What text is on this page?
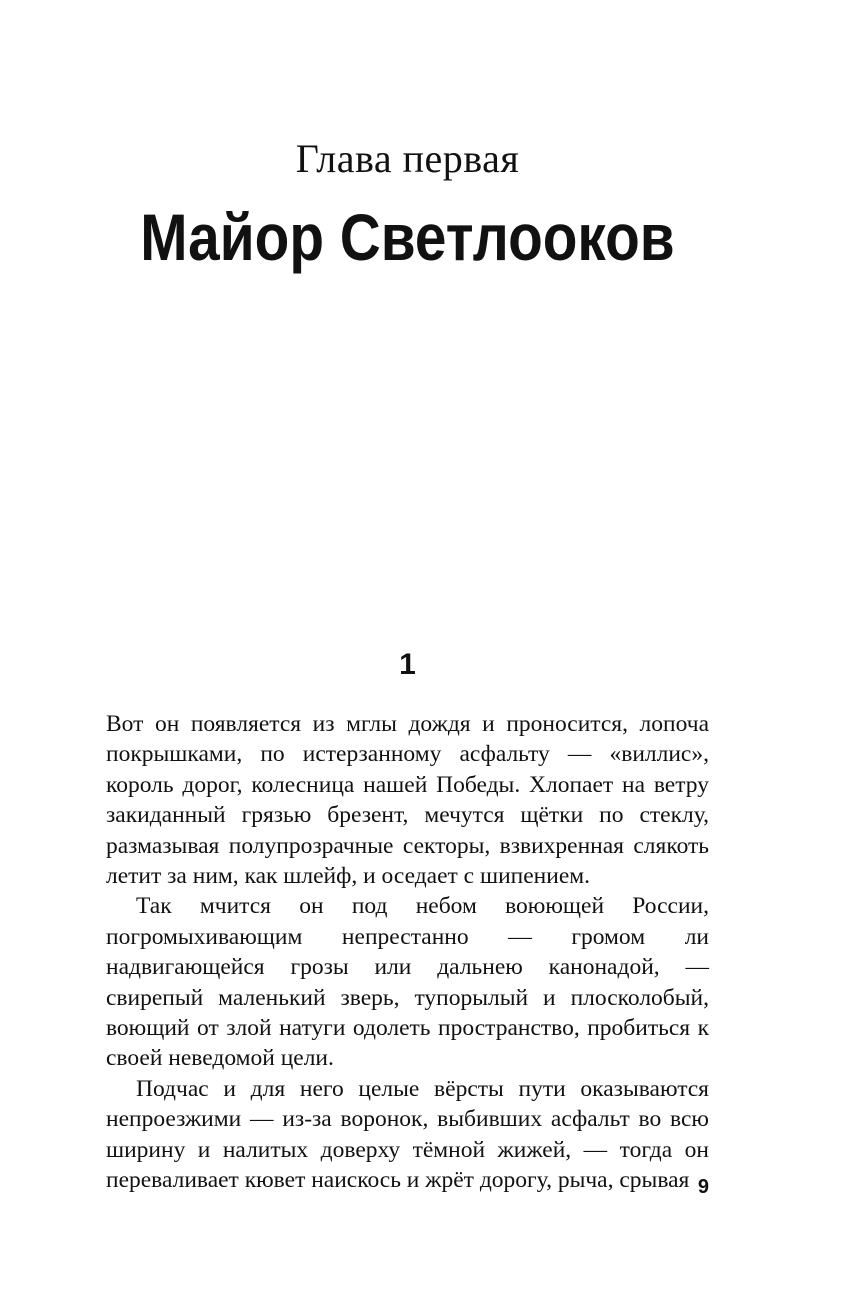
Глава первая
Майор Светлооков
1

Вот он появляется из мглы дождя и проносится, лопоча покрышками, по истерзанному асфальту — «виллис», король дорог, колесница нашей Победы. Хлопает на ветру закиданный грязью брезент, мечутся щётки по стеклу, размазывая полупрозрачные секторы, взвихренная слякоть летит за ним, как шлейф, и оседает с шипением.

Так мчится он под небом воюющей России, погромыхивающим непрестанно — громом ли надвигающейся грозы или дальнею канонадой, — свирепый маленький зверь, тупорылый и плосколобый, воющий от злой натуги одолеть пространство, пробиться к своей неведомой цели.

Подчас и для него целые вёрсты пути оказываются непроезжими — из-за воронок, выбивших асфальт во всю ширину и налитых доверху тёмной жижей, — тогда он переваливает кювет наискось и жрёт дорогу, рыча, срывая 9
